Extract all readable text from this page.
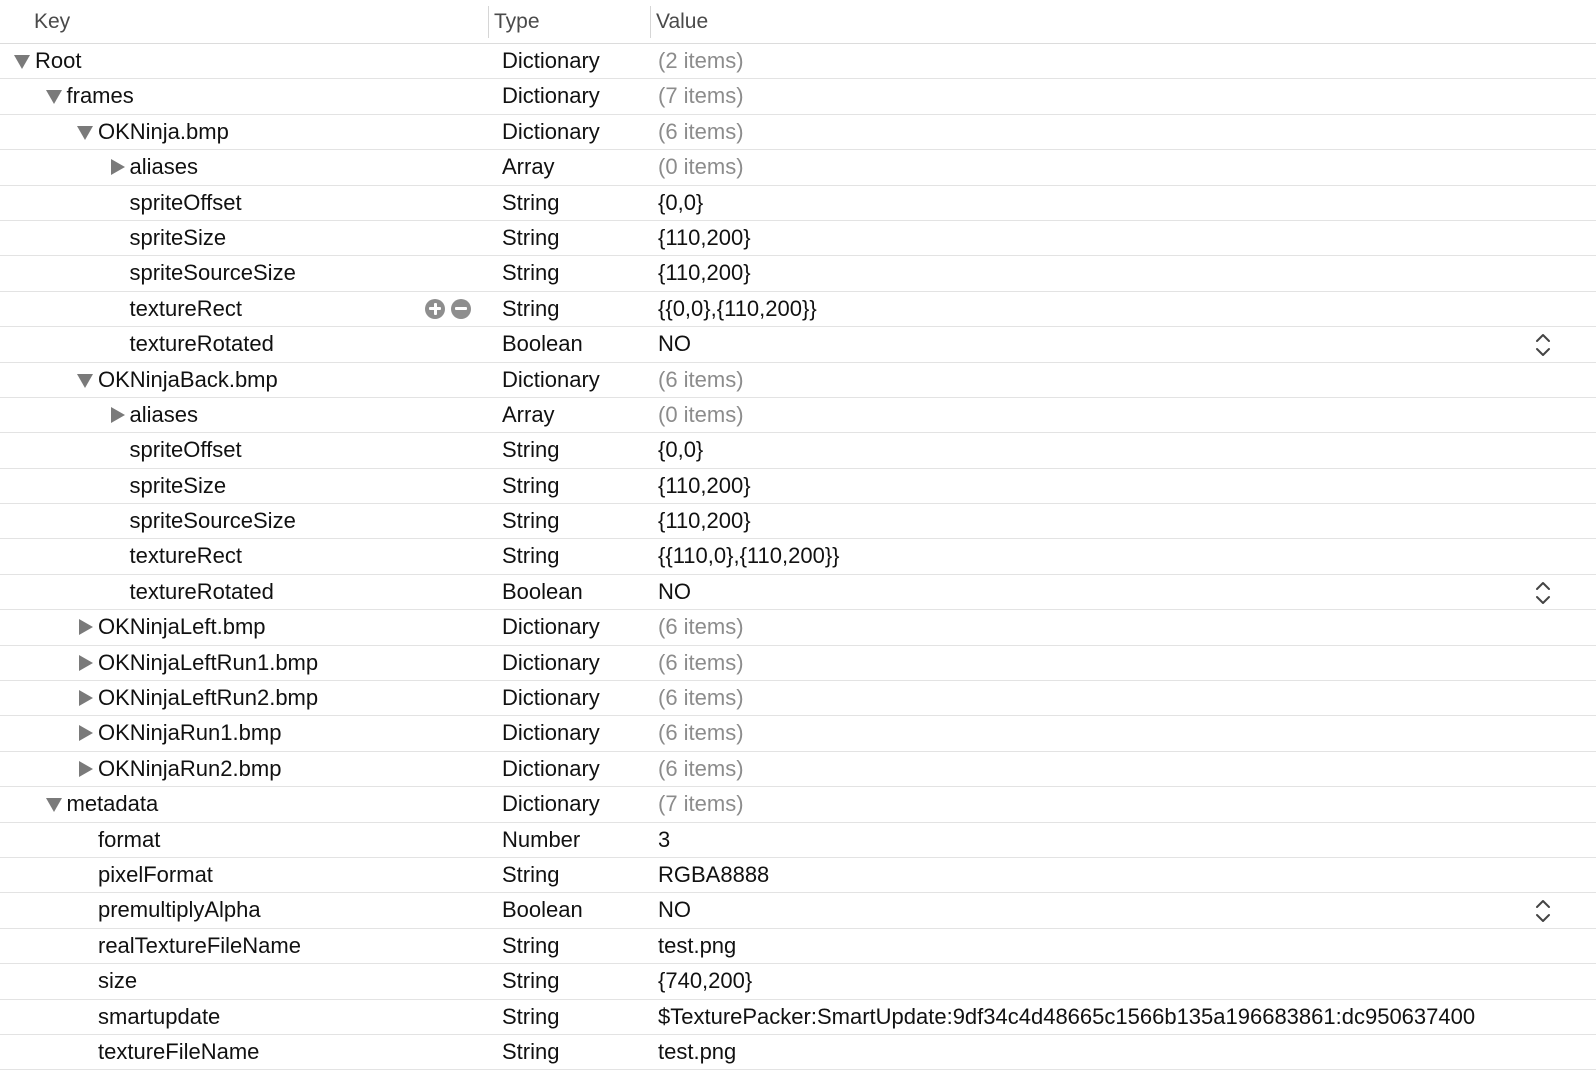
Key	Type	Value
Root	Dictionary	(2 items)
frames	Dictionary	(7 items)
OKNinja.bmp	Dictionary	(6 items)
aliases	Array	(0 items)
spriteOffset	String	{0,0}
spriteSize	String	{110,200}
spriteSourceSize	String	{110,200}
textureRect	String	{{0,0},{110,200}}
textureRotated	Boolean	NO
OKNinjaBack.bmp	Dictionary	(6 items)
aliases	Array	(0 items)
spriteOffset	String	{0,0}
spriteSize	String	{110,200}
spriteSourceSize	String	{110,200}
textureRect	String	{{110,0},{110,200}}
textureRotated	Boolean	NO
OKNinjaLeft.bmp	Dictionary	(6 items)
OKNinjaLeftRun1.bmp	Dictionary	(6 items)
OKNinjaLeftRun2.bmp	Dictionary	(6 items)
OKNinjaRun1.bmp	Dictionary	(6 items)
OKNinjaRun2.bmp	Dictionary	(6 items)
metadata	Dictionary	(7 items)
format	Number	3
pixelFormat	String	RGBA8888
premultiplyAlpha	Boolean	NO
realTextureFileName	String	test.png
size	String	{740,200}
smartupdate	String	$TexturePacker:SmartUpdate:9df34c4d48665c1566b135a196683861:dc950637400
textureFileName	String	test.png
